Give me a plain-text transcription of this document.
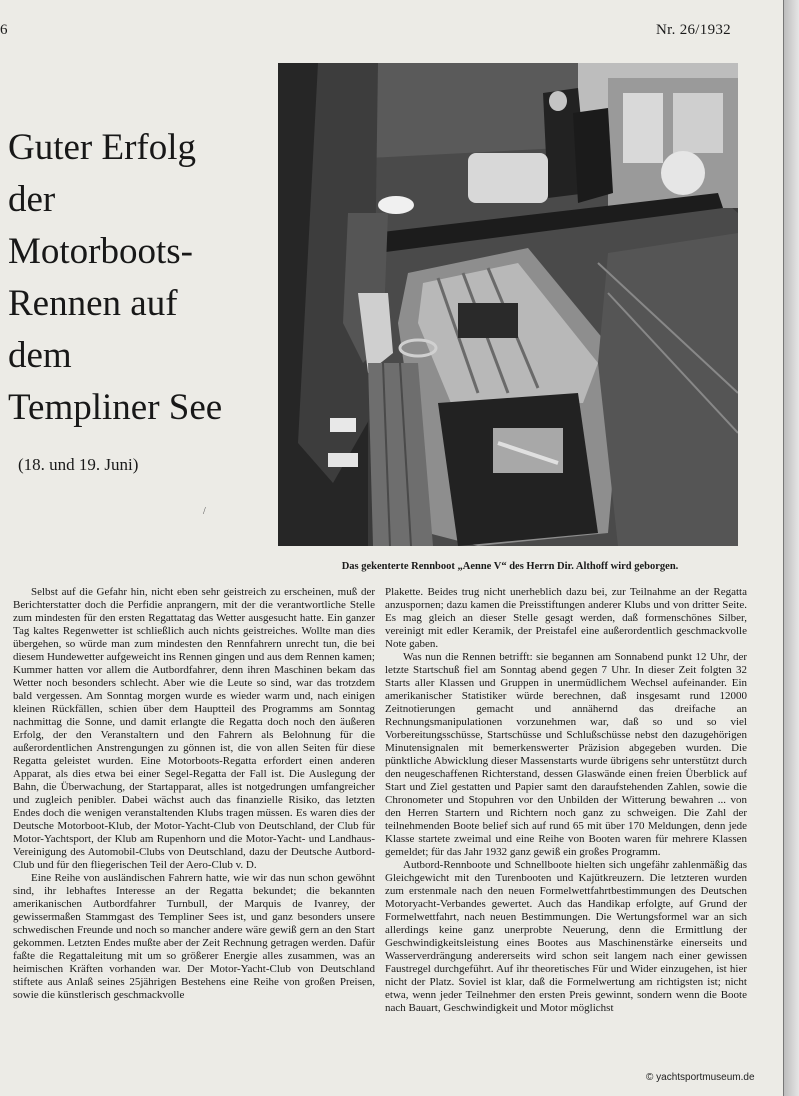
6	Nr. 26/1932
Guter Erfolg
der
Motorboots-
Rennen auf
dem
Templiner See
(18. und 19. Juni)
/
Das gekenterte Rennboot „Aenne V“ des Herrn Dir. Althoff wird geborgen.

Selbst auf die Gefahr hin, nicht eben sehr geistreich zu erscheinen, muß der Berichterstatter doch die Perfidie anprangern, mit der die verantwortliche Stelle zum mindesten für den ersten Regattatag das Wetter ausgesucht hatte. Ein ganzer Tag kaltes Regenwetter ist schließlich auch nichts geistreiches. Wollte man dies übergehen, so würde man zum mindesten den Rennfahrern unrecht tun, die bei diesem Hundewetter aufgeweicht ins Rennen gingen und aus dem Rennen kamen; Kummer hatten vor allem die Autbordfahrer, denn ihren Maschinen bekam das Wetter noch besonders schlecht. Aber wie die Leute so sind, war das trotzdem bald vergessen. Am Sonntag morgen wurde es wieder warm und, nach einigen kleinen Rückfällen, schien über dem Hauptteil des Programms am Sonntag nachmittag die Sonne, und damit erlangte die Regatta doch noch den äußeren Erfolg, der den Veranstaltern und den Fahrern als Belohnung für die außerordentlichen Anstrengungen zu gönnen ist, die von allen Seiten für diese Regatta geleistet wurden. Eine Motorboots-Regatta erfordert einen anderen Apparat, als dies etwa bei einer Segel-Regatta der Fall ist. Die Auslegung der Bahn, die Überwachung, der Startapparat, alles ist notgedrungen umfangreicher und zugleich penibler. Dabei wächst auch das finanzielle Risiko, das letzten Endes doch die wenigen veranstaltenden Klubs tragen müssen. Es waren dies der Deutsche Motorboot-Klub, der Motor-Yacht-Club von Deutschland, der Club für Motor-Yachtsport, der Klub am Rupenhorn und die Motor-Yacht- und Landhaus-Vereinigung des Automobil-Clubs von Deutschland, dazu der Deutsche Autbord-Club und für den fliegerischen Teil der Aero-Club v. D.

Eine Reihe von ausländischen Fahrern hatte, wie wir das nun schon gewöhnt sind, ihr lebhaftes Interesse an der Regatta bekundet; die bekannten amerikanischen Autbordfahrer Turnbull, der Marquis de Ivanrey, der gewissermaßen Stammgast des Templiner Sees ist, und ganz besonders unsere schwedischen Freunde und noch so mancher andere wäre gewiß gern an den Start gekommen. Letzten Endes mußte aber der Zeit Rechnung getragen werden. Dafür faßte die Regattaleitung mit um so größerer Energie alles zusammen, was an heimischen Kräften vorhanden war. Der Motor-Yacht-Club von Deutschland stiftete aus Anlaß seines 25jährigen Bestehens eine Reihe von großen Preisen, sowie die künstlerisch geschmackvolle

Plakette. Beides trug nicht unerheblich dazu bei, zur Teilnahme an der Regatta anzuspornen; dazu kamen die Preisstiftungen anderer Klubs und von dritter Seite. Es mag gleich an dieser Stelle gesagt werden, daß formenschönes Silber, vereinigt mit edler Keramik, der Preistafel eine außerordentlich geschmackvolle Note gaben.

Was nun die Rennen betrifft: sie begannen am Sonnabend punkt 12 Uhr, der letzte Startschuß fiel am Sonntag abend gegen 7 Uhr. In dieser Zeit folgten 32 Starts aller Klassen und Gruppen in unermüdlichem Wechsel aufeinander. Ein amerikanischer Statistiker würde berechnen, daß insgesamt rund 12000 Zeitnotierungen gemacht und annähernd das dreifache an Rechnungsmanipulationen vorzunehmen war, daß so und so viel Vorbereitungsschüsse, Startschüsse und Schlußschüsse nebst den dazugehörigen Minutensignalen mit bemerkenswerter Präzision abgegeben wurden. Die pünktliche Abwicklung dieser Massenstarts wurde übrigens sehr unterstützt durch den neugeschaffenen Richterstand, dessen Glaswände einen freien Überblick auf Start und Ziel gestatten und Papier samt den daraufstehenden Zahlen, sowie die Chronometer und Stopuhren vor den Unbilden der Witterung bewahren ... von den Herren Startern und Richtern noch ganz zu schweigen. Die Zahl der teilnehmenden Boote belief sich auf rund 65 mit über 170 Meldungen, denn jede Klasse startete zweimal und eine Reihe von Booten waren für mehrere Klassen gemeldet; für das Jahr 1932 ganz gewiß ein großes Programm.

Autbord-Rennboote und Schnellboote hielten sich ungefähr zahlenmäßig das Gleichgewicht mit den Turenbooten und Kajütkreuzern. Die letzteren wurden zum erstenmale nach den neuen Formelwettfahrtbestimmungen des Deutschen Motoryacht-Verbandes gewertet. Auch das Handikap erfolgte, auf Grund der Formelwettfahrt, nach neuen Bestimmungen. Die Wertungsformel war an sich allerdings keine ganz unerprobte Neuerung, denn die Ermittlung der Geschwindigkeitsleistung eines Bootes aus Maschinenstärke einerseits und Wasserverdrängung andererseits wird schon seit langem nach einer gewissen Faustregel durchgeführt. Auf ihr theoretisches Für und Wider einzugehen, ist hier nicht der Platz. Soviel ist klar, daß die Formelwertung am richtigsten ist; nicht etwa, wenn jeder Teilnehmer den ersten Preis gewinnt, sondern wenn die Boote nach Bauart, Geschwindigkeit und Motor möglichst

© yachtsportmuseum.de
